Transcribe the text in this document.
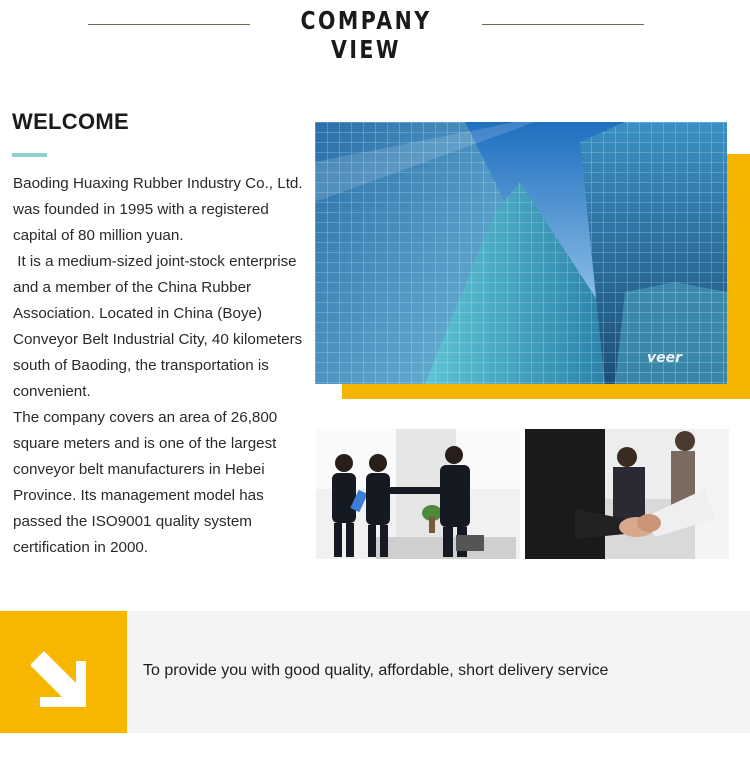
COMPANY VIEW
WELCOME

Baoding Huaxing Rubber Industry Co., Ltd. was founded in 1995 with a registered capital of 80 million yuan.

It is a medium-sized joint-stock enterprise and a member of the China Rubber Association. Located in China (Boye) Conveyor Belt Industrial City, 40 kilometers south of Baoding, the transportation is convenient.

The company covers an area of 26,800 square meters and is one of the largest conveyor belt manufacturers in Hebei Province. Its management model has passed the ISO9001 quality system certification in 2000.

veer
To provide you with good quality, affordable, short delivery service
